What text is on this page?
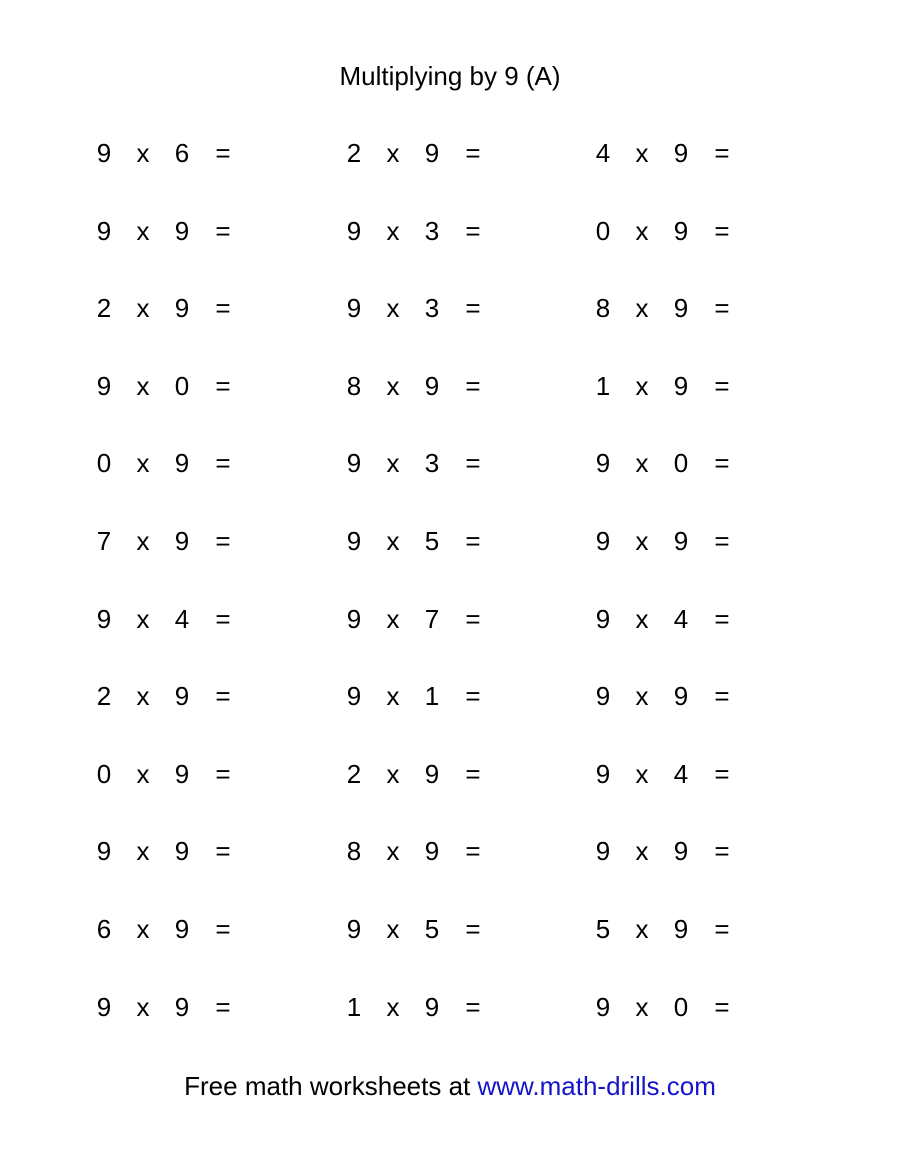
Multiplying by 9 (A)
9 x 6	=	2 x 9	=	4 x 9	=
9 x 9	=	9 x 3	=	0 x 9	=
2 x 9	=	9 x 3	=	8 x 9	=
9 x 0	=	8 x 9	=	1 x 9	=
0 x 9	=	9 x 3	=	9 x 0	=
7 x 9	=	9 x 5	=	9 x 9	=
9 x 4	=	9 x 7	=	9 x 4	=
2 x 9	=	9 x 1	=	9 x 9	=
0 x 9	=	2 x 9	=	9 x 4	=
9 x 9	=	8 x 9	=	9 x 9	=
6 x 9	=	9 x 5	=	5 x 9	=
9 x 9	=	1 x 9	=	9 x 0	=
Free math worksheets at www.math-drills.com
